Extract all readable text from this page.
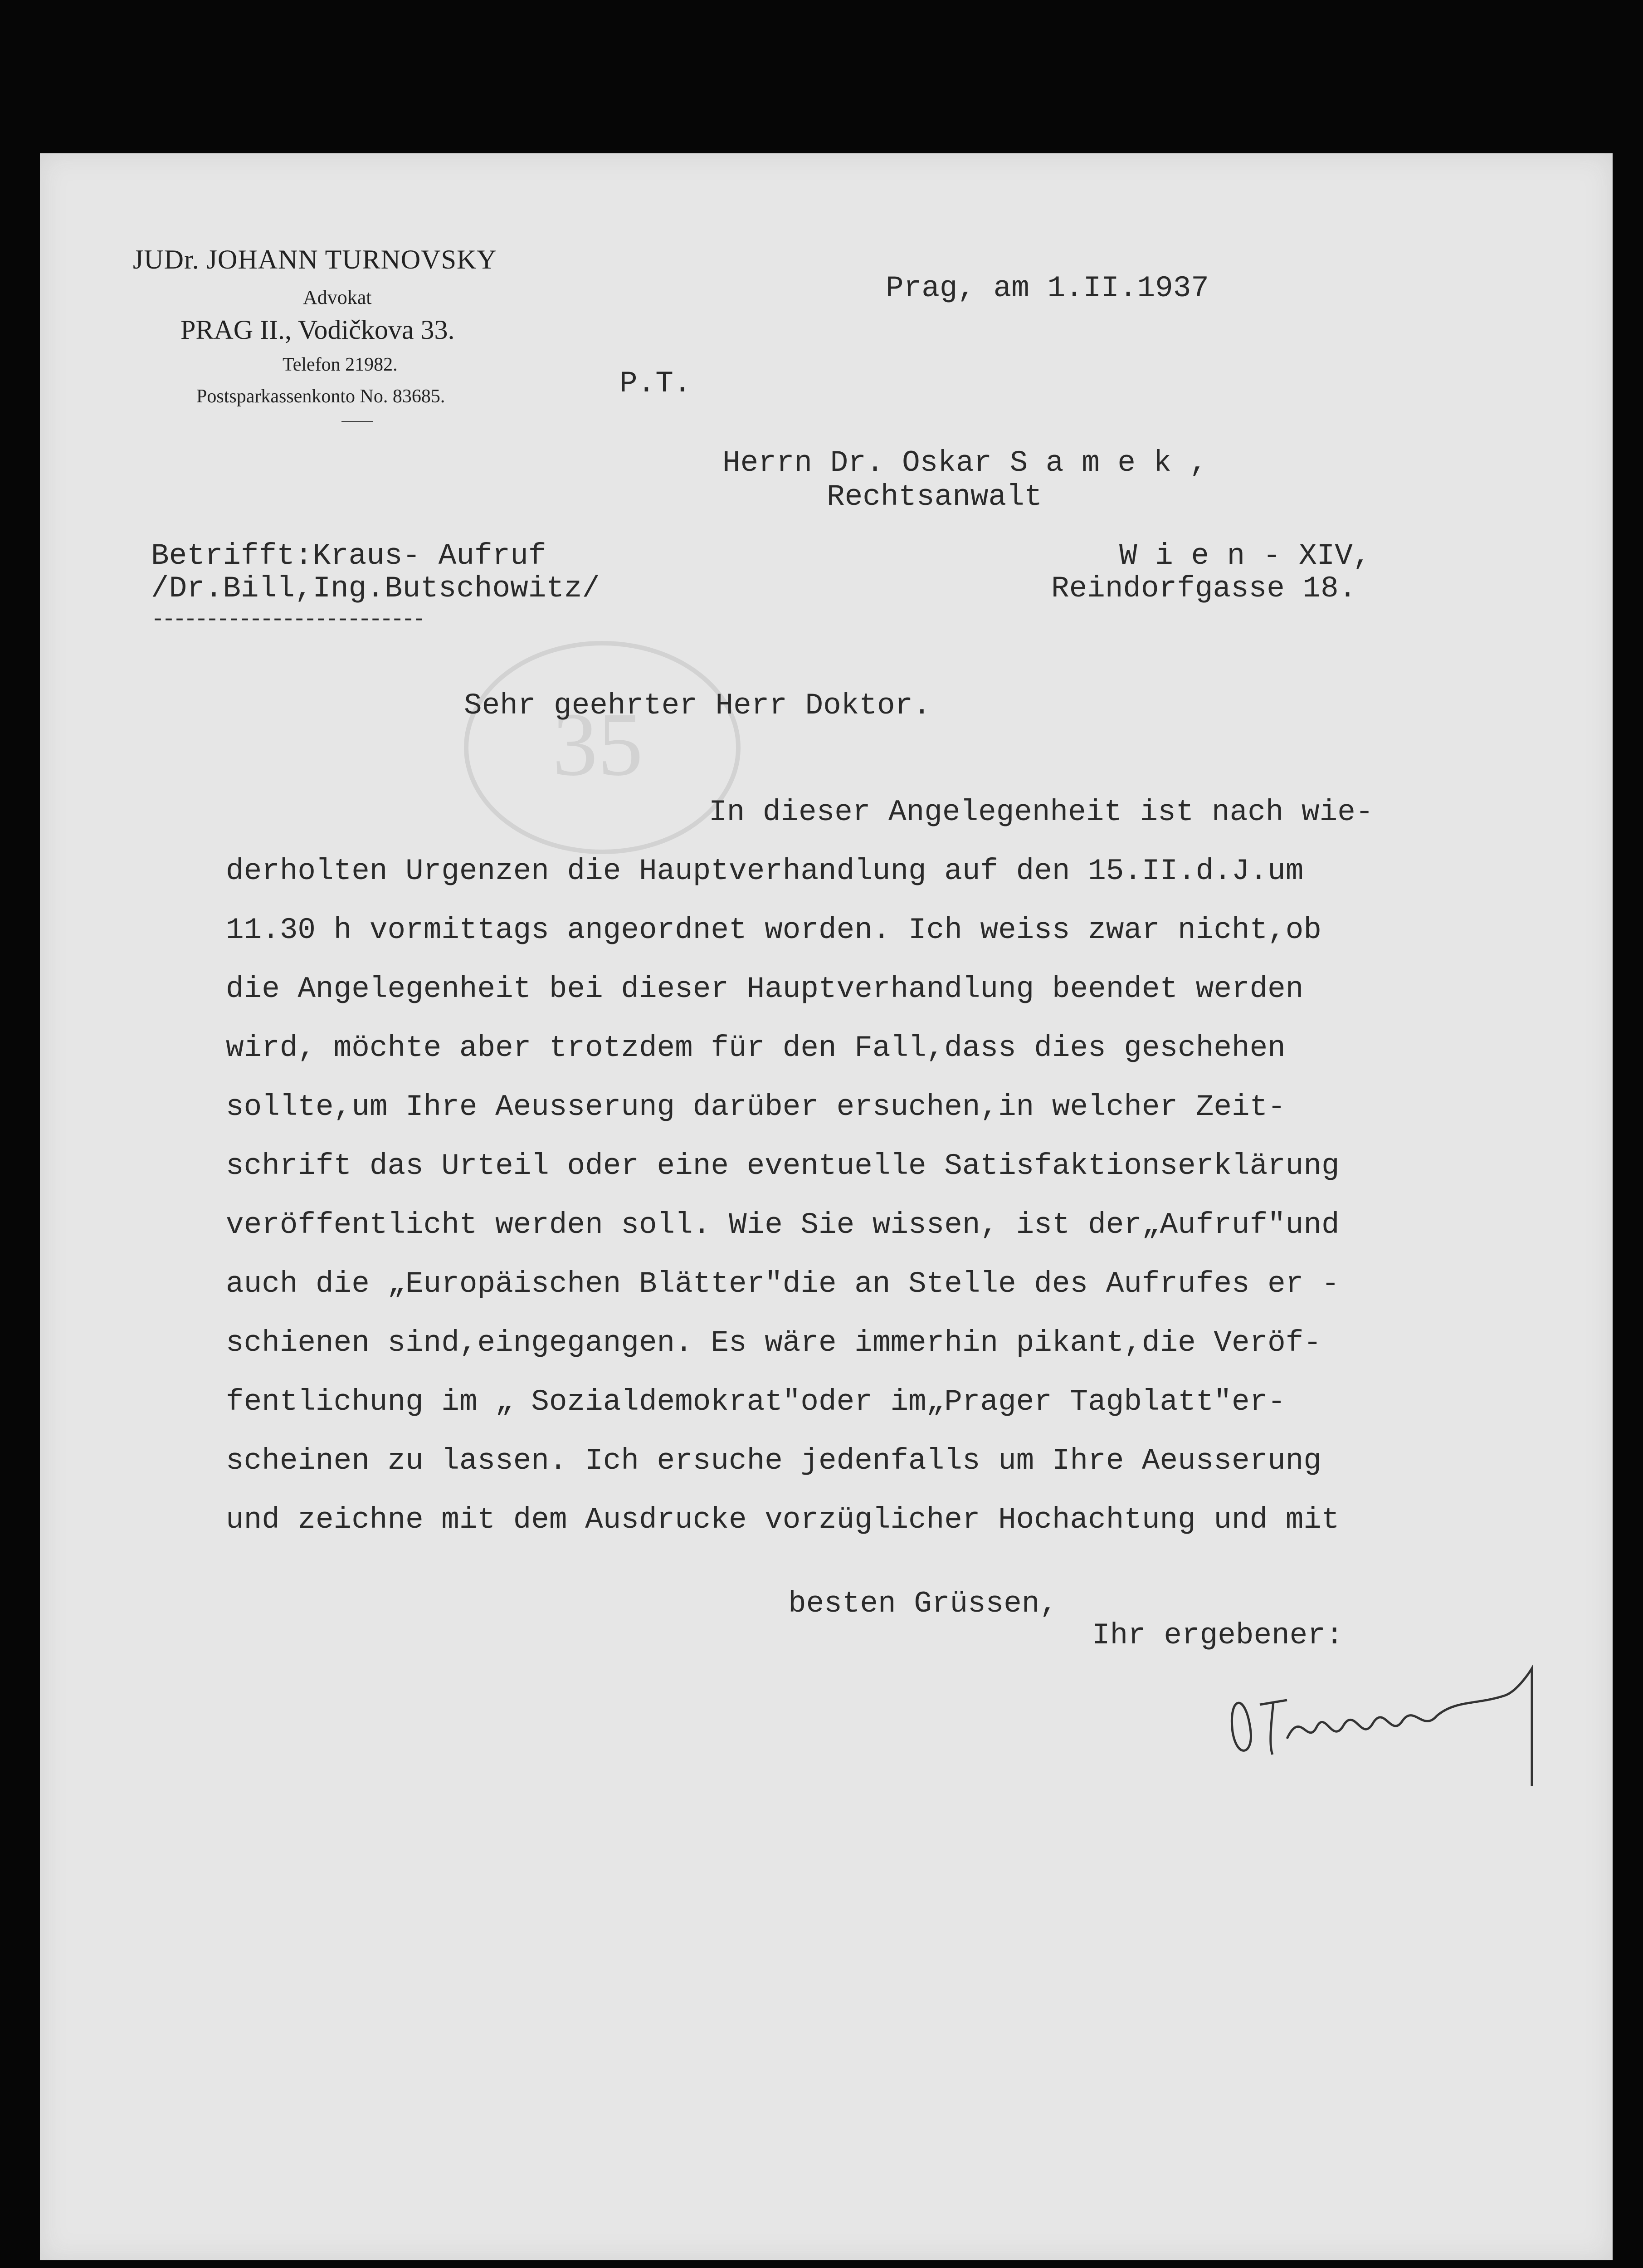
35
JUDr. JOHANN TURNOVSKY
Advokat
PRAG II., Vodičkova 33.
Telefon 21982.
Postsparkassenkonto No. 83685.
Prag, am 1.II.1937
P.T.
Herrn Dr. Oskar S a m e k ,
Rechtsanwalt
W i e n - XIV,
Reindorfgasse 18.
Betrifft:Kraus- Aufruf
/Dr.Bill,Ing.Butschowitz/
-------------------------
Sehr geehrter Herr Doktor.
In dieser Angelegenheit ist nach wie-
derholten Urgenzen die Hauptverhandlung auf den 15.II.d.J.um
11.30 h vormittags angeordnet worden. Ich weiss zwar nicht,ob
die Angelegenheit bei dieser Hauptverhandlung beendet werden
wird, möchte aber trotzdem für den Fall,dass dies geschehen
sollte,um Ihre Aeusserung darüber ersuchen,in welcher Zeit-
schrift das Urteil oder eine eventuelle Satisfaktionserklärung
veröffentlicht werden soll. Wie Sie wissen, ist der„Aufruf"und
auch die „Europäischen Blätter"die an Stelle des Aufrufes er -
schienen sind,eingegangen. Es wäre immerhin pikant,die Veröf-
fentlichung im „ Sozialdemokrat"oder im„Prager Tagblatt"er-
scheinen zu lassen. Ich ersuche jedenfalls um Ihre Aeusserung
und zeichne mit dem Ausdrucke vorzüglicher Hochachtung und mit
besten Grüssen,
Ihr ergebener:
